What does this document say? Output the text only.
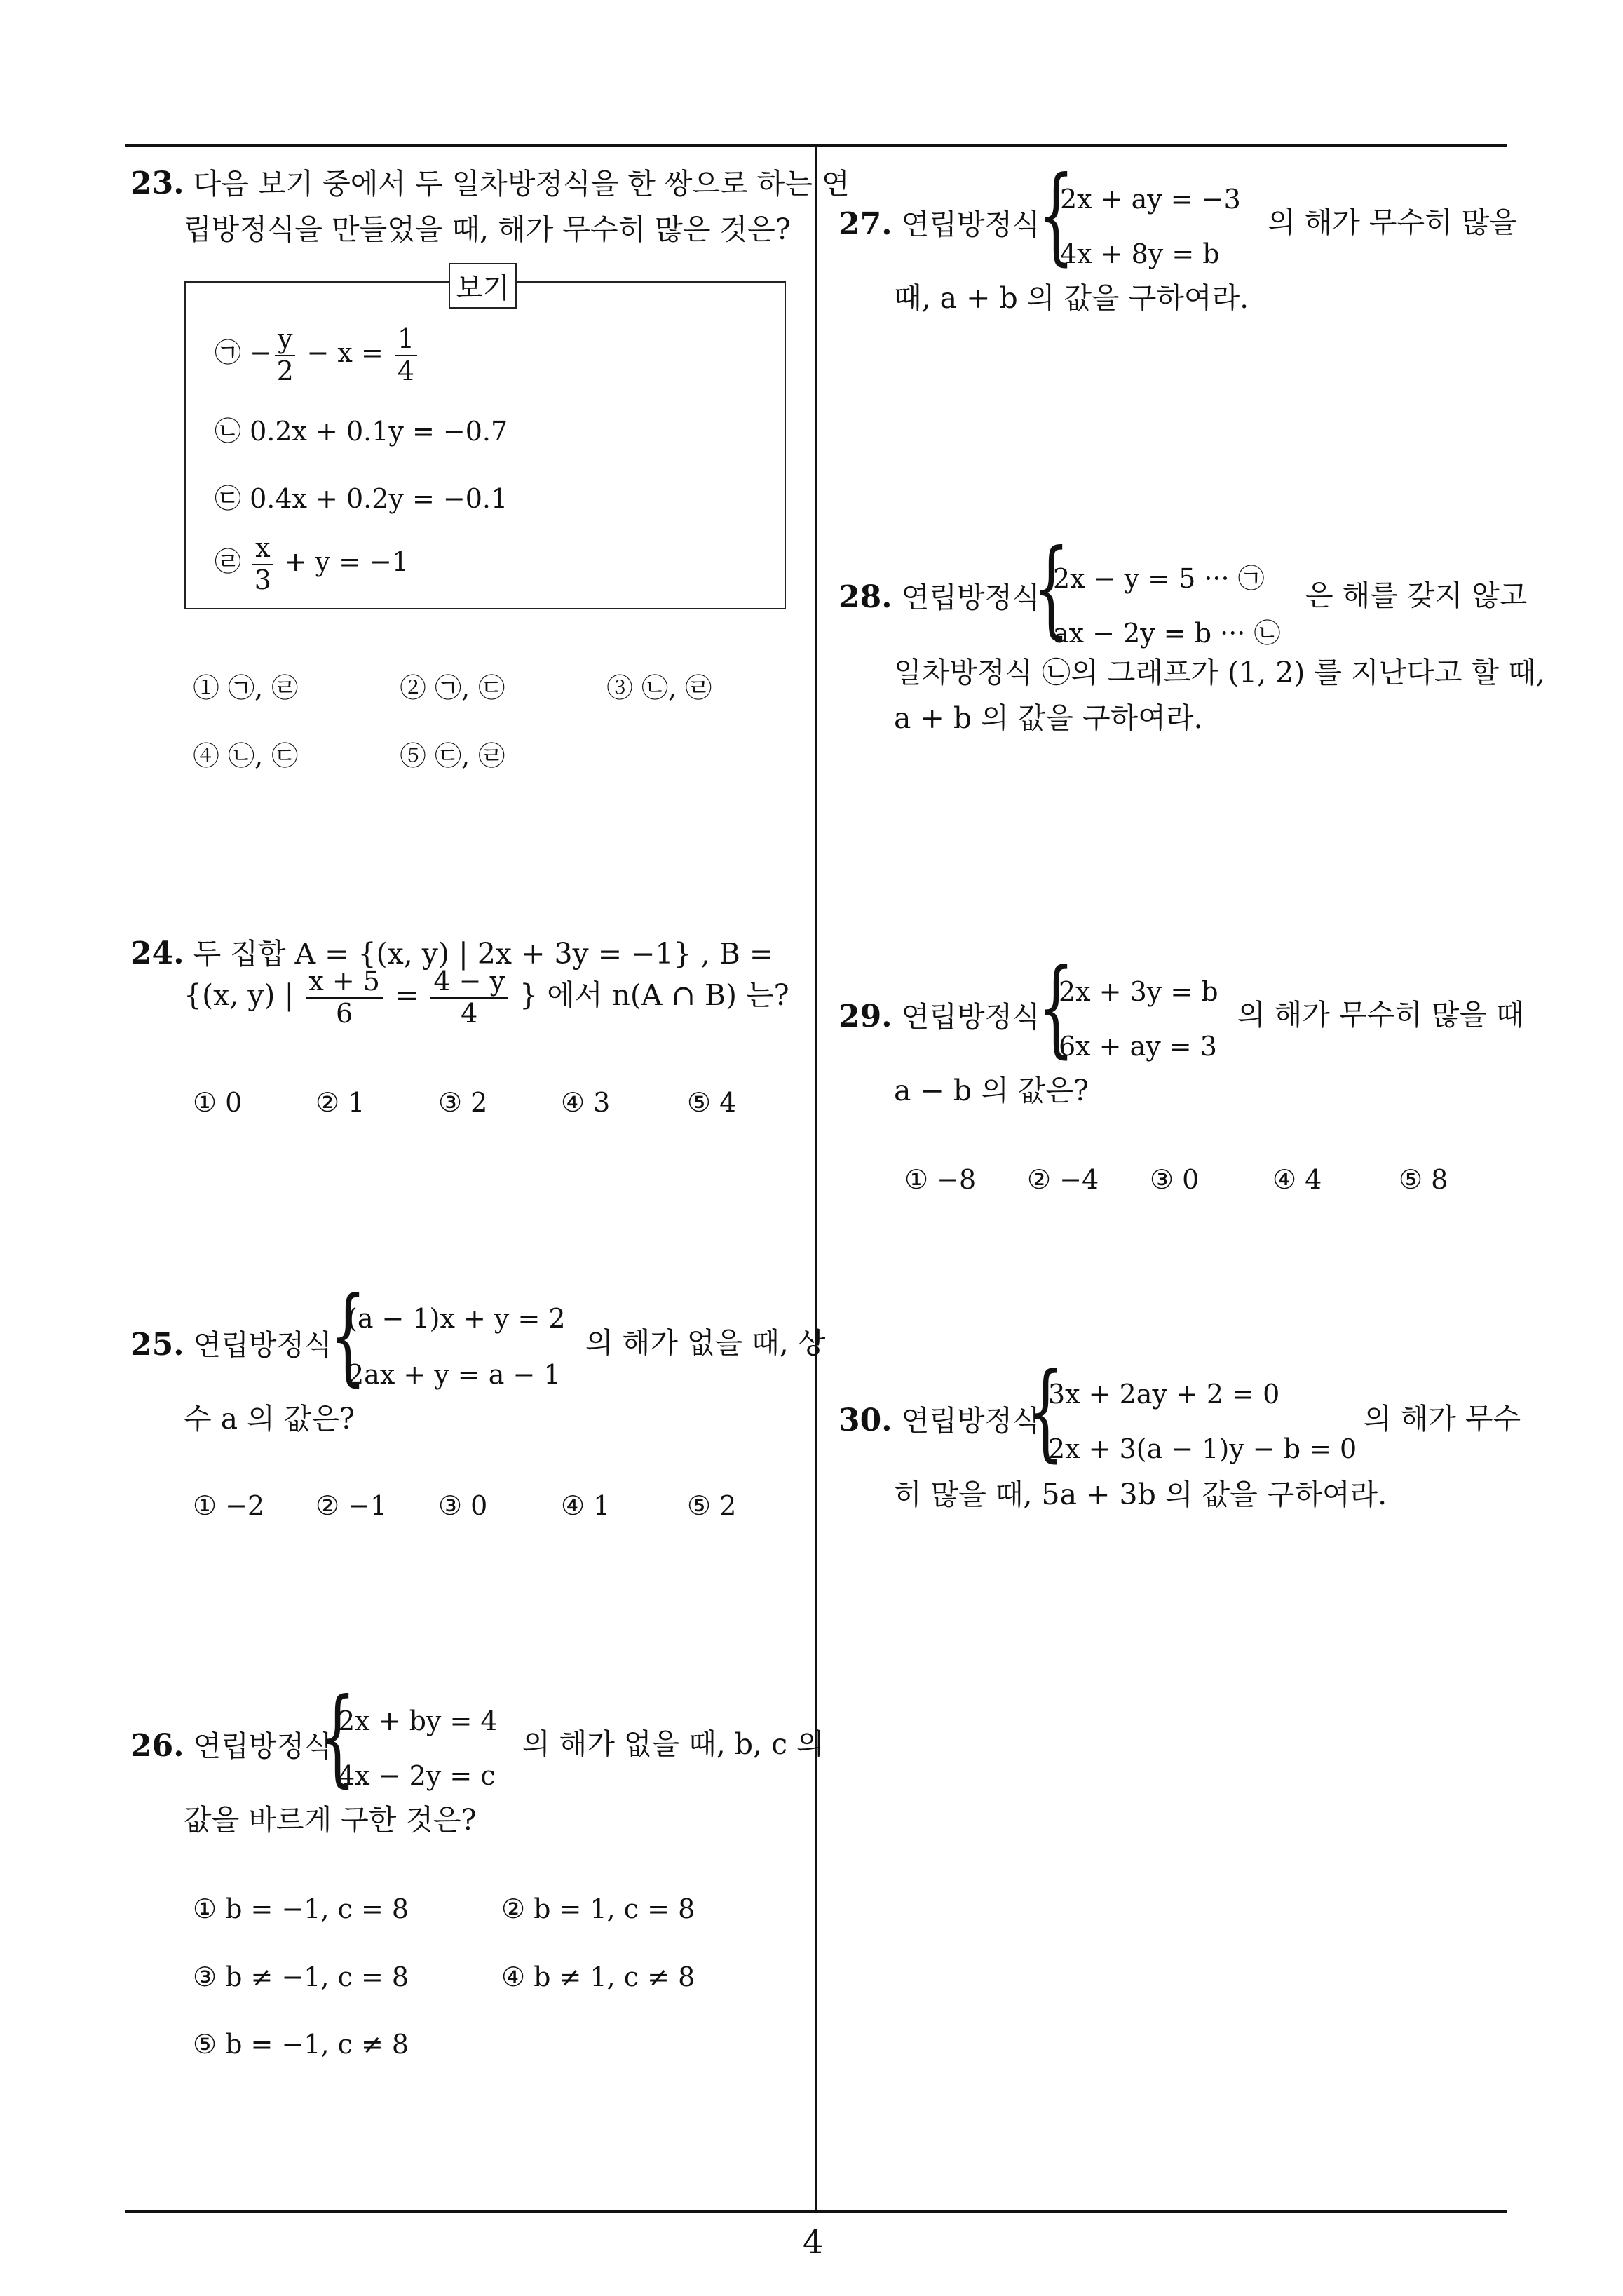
23. 다음 보기 중에서 두 일차방정식을 한 쌍으로 하는 연
립방정식을 만들었을 때, 해가 무수히 많은 것은?
보기
㉠ − $\frac{y}{2} - x = \frac{1}{4}$
㉡ 0.2x + 0.1y = −0.7
㉢ 0.4x + 0.2y = −0.1
㉣ $\frac{x}{3} + y = -1$
① ㉠, ㉣	② ㉠, ㉢	③ ㉡, ㉣
④ ㉡, ㉢	⑤ ㉢, ㉣
24. 두 집합 A = {(x, y) | 2x + 3y = −1} , B =
{(x, y) | $\frac{x + 5}{6} = \frac{4 - y}{4}$ } 에서 n(A ∩ B) 는?
① 0	② 1	③ 2	④ 3	⑤ 4
25. 연립방정식
{
(a − 1)x + y = 2
2ax + y = a − 1
의 해가 없을 때, 상
수 a 의 값은?
① −2 ② −1 ③ 0	④ 1	⑤ 2
26. 연립방정식
{
2x + by = 4
4x − 2y = c
의 해가 없을 때, b, c 의
값을 바르게 구한 것은?
① b = −1, c = 8	② b = 1, c = 8
③ b ≠ −1, c = 8	④ b ≠ 1, c ≠ 8
⑤ b = −1, c ≠ 8
27. 연립방정식
{
2x + ay = −3
4x + 8y = b
의 해가 무수히 많을
때, a + b 의 값을 구하여라.
28. 연립방정식
{
2x − y = 5 ··· ㉠
ax − 2y = b ··· ㉡
은 해를 갖지 않고
일차방정식 ㉡의 그래프가 (1, 2) 를 지난다고 할 때,
a + b 의 값을 구하여라.
29. 연립방정식
{
2x + 3y = b
6x + ay = 3
의 해가 무수히 많을 때
a − b 의 값은?
① −8 ② −4 ③ 0	④ 4	⑤ 8
30. 연립방정식
{
3x + 2ay + 2 = 0
2x + 3(a − 1)y − b = 0
의 해가 무수
히 많을 때, 5a + 3b 의 값을 구하여라.
4
